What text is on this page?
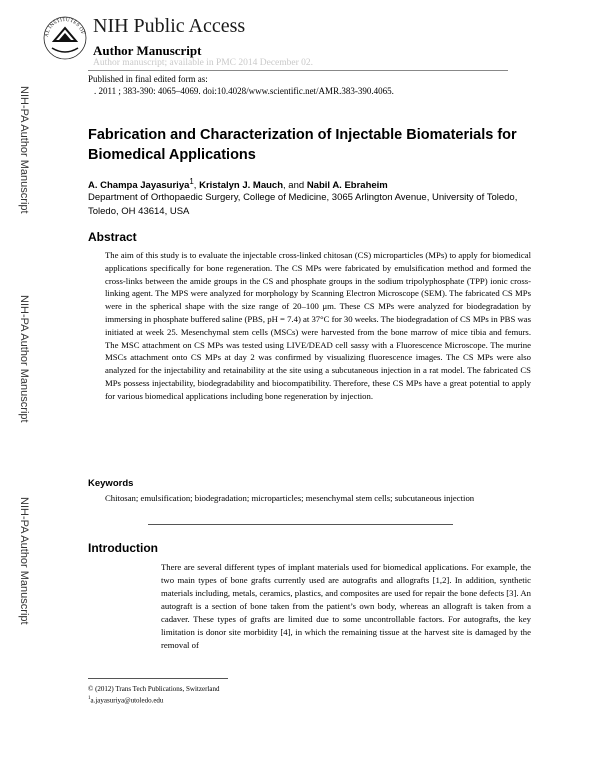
AL INSTITUTES OF NIH Public Access
Author Manuscript
Author manuscript; available in PMC 2014 December 02.
Published in final edited form as:
. 2011 ; 383-390: 4065–4069. doi:10.4028/www.scientific.net/AMR.383-390.4065.
NIH-PA Author Manuscript
NIH-PA Author Manuscript
NIH-PA Author Manuscript
Fabrication and Characterization of Injectable Biomaterials for Biomedical Applications
A. Champa Jayasuriya$^1$, Kristalyn J. Mauch, and Nabil A. Ebraheim
Department of Orthopaedic Surgery, College of Medicine, 3065 Arlington Avenue, University of Toledo, Toledo, OH 43614, USA
Abstract
The aim of this study is to evaluate the injectable cross-linked chitosan (CS) microparticles (MPs) to apply for biomedical applications specifically for bone regeneration. The CS MPs were fabricated by emulsification method and formed the cross-links between the amide groups in the CS and phosphate groups in the sodium tripolyphosphate (TPP) ionic cross-linking agent. The MPS were analyzed for morphology by Scanning Electron Microscope (SEM). The fabricated CS MPs were in the spherical shape with the size range of 20–100 μm. These CS MPs were analyzed for biodegradation by immersing in phosphate buffered saline (PBS, pH = 7.4) at 37°C for 30 weeks. The biodegradation of CS MPs in PBS was initiated at week 25. Mesenchymal stem cells (MSCs) were harvested from the bone marrow of mice tibia and femurs. The MSC attachment on CS MPs was tested using LIVE/DEAD cell sassy with a Fluorescence Microscope. The murine MSCs attachment onto CS MPs at day 2 was confirmed by visualizing fluorescence images. The CS MPs were also analyzed for the injectability and retainability at the site using a subcutaneous injection in a rat model. The fabricated CS MPs possess injectability, biodegradability and biocompatibility. Therefore, these CS MPs have a great potential to apply for various biomedical applications including bone regeneration by injection.
Keywords
Chitosan; emulsification; biodegradation; microparticles; mesenchymal stem cells; subcutaneous injection
Introduction
There are several different types of implant materials used for biomedical applications. For example, the two main types of bone grafts currently used are autografts and allografts [1,2]. In addition, synthetic materials including, metals, ceramics, plastics, and composites are used for repair the bone defects [3]. An autograft is a section of bone taken from the patient’s own body, whereas an allograft is taken from a cadaver. These types of grafts are limited due to some uncontrollable factors. For autografts, the key limitation is donor site morbidity [4], in which the remaining tissue at the harvest site is damaged by the removal of
© (2012) Trans Tech Publications, Switzerland
$^1$a.jayasuriya@utoledo.edu
